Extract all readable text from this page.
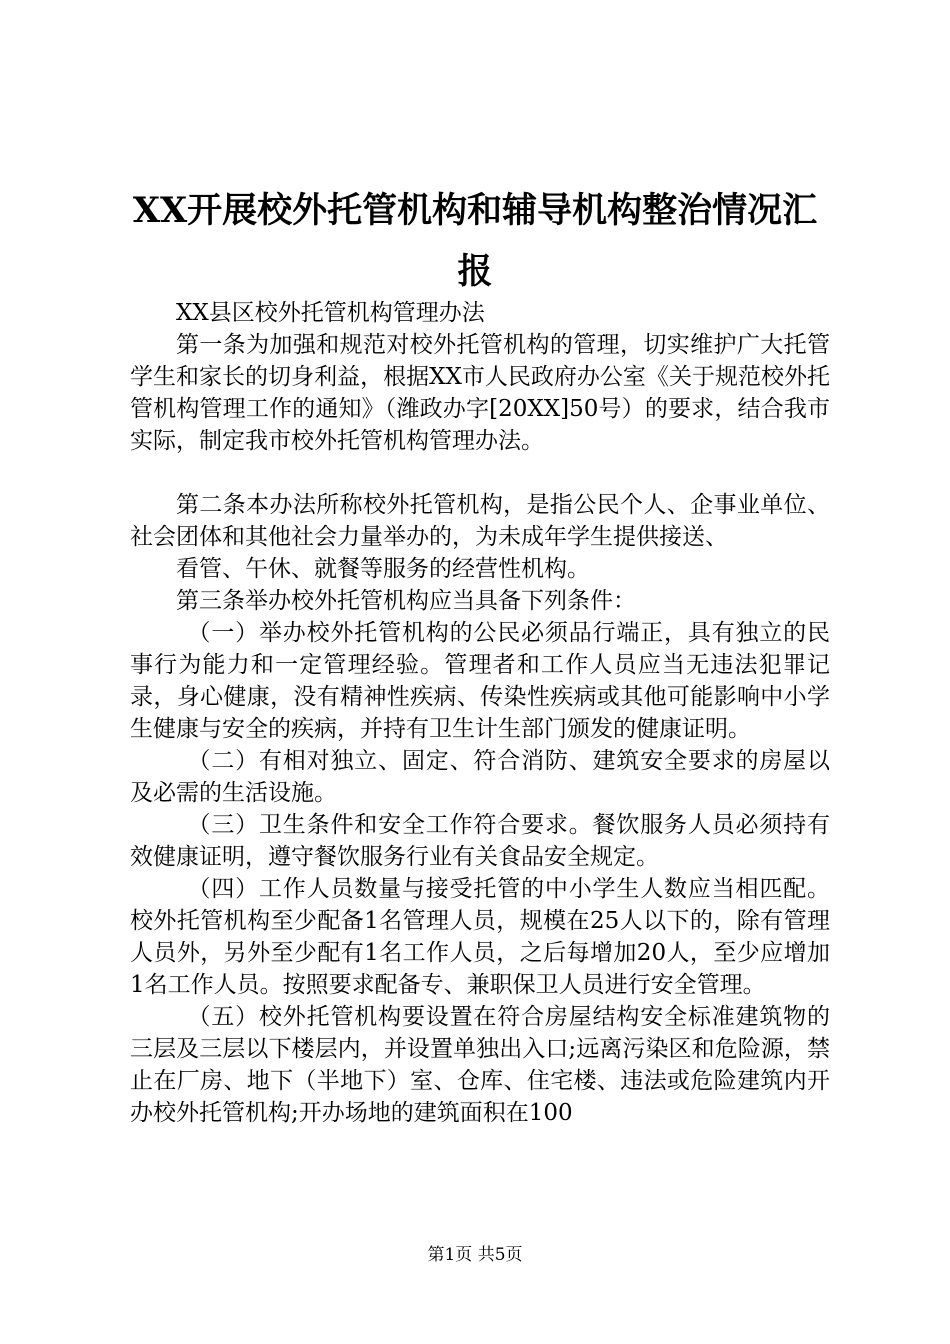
XX开展校外托管机构和辅导机构整治情况汇
报

XX县区校外托管机构管理办法

第一条为加强和规范对校外托管机构的管理，切实维护广大托管学生和家长的切身利益，根据XX市人民政府办公室《关于规范校外托管机构管理工作的通知》（潍政办字[20XX]50号）的要求，结合我市实际，制定我市校外托管机构管理办法。

第二条本办法所称校外托管机构，是指公民个人、企事业单位、社会团体和其他社会力量举办的，为未成年学生提供接送、

看管、午休、就餐等服务的经营性机构。

第三条举办校外托管机构应当具备下列条件：

（一）举办校外托管机构的公民必须品行端正，具有独立的民事行为能力和一定管理经验。管理者和工作人员应当无违法犯罪记录，身心健康，没有精神性疾病、传染性疾病或其他可能影响中小学生健康与安全的疾病，并持有卫生计生部门颁发的健康证明。

（二）有相对独立、固定、符合消防、建筑安全要求的房屋以及必需的生活设施。

（三）卫生条件和安全工作符合要求。餐饮服务人员必须持有效健康证明，遵守餐饮服务行业有关食品安全规定。

（四）工作人员数量与接受托管的中小学生人数应当相匹配。校外托管机构至少配备1名管理人员，规模在25人以下的，除有管理人员外，另外至少配有1名工作人员，之后每增加20人，至少应增加1名工作人员。按照要求配备专、兼职保卫人员进行安全管理。

（五）校外托管机构要设置在符合房屋结构安全标准建筑物的三层及三层以下楼层内，并设置单独出入口;远离污染区和危险源，禁止在厂房、地下（半地下）室、仓库、住宅楼、违法或危险建筑内开办校外托管机构;开办场地的建筑面积在100

第1页 共5页
